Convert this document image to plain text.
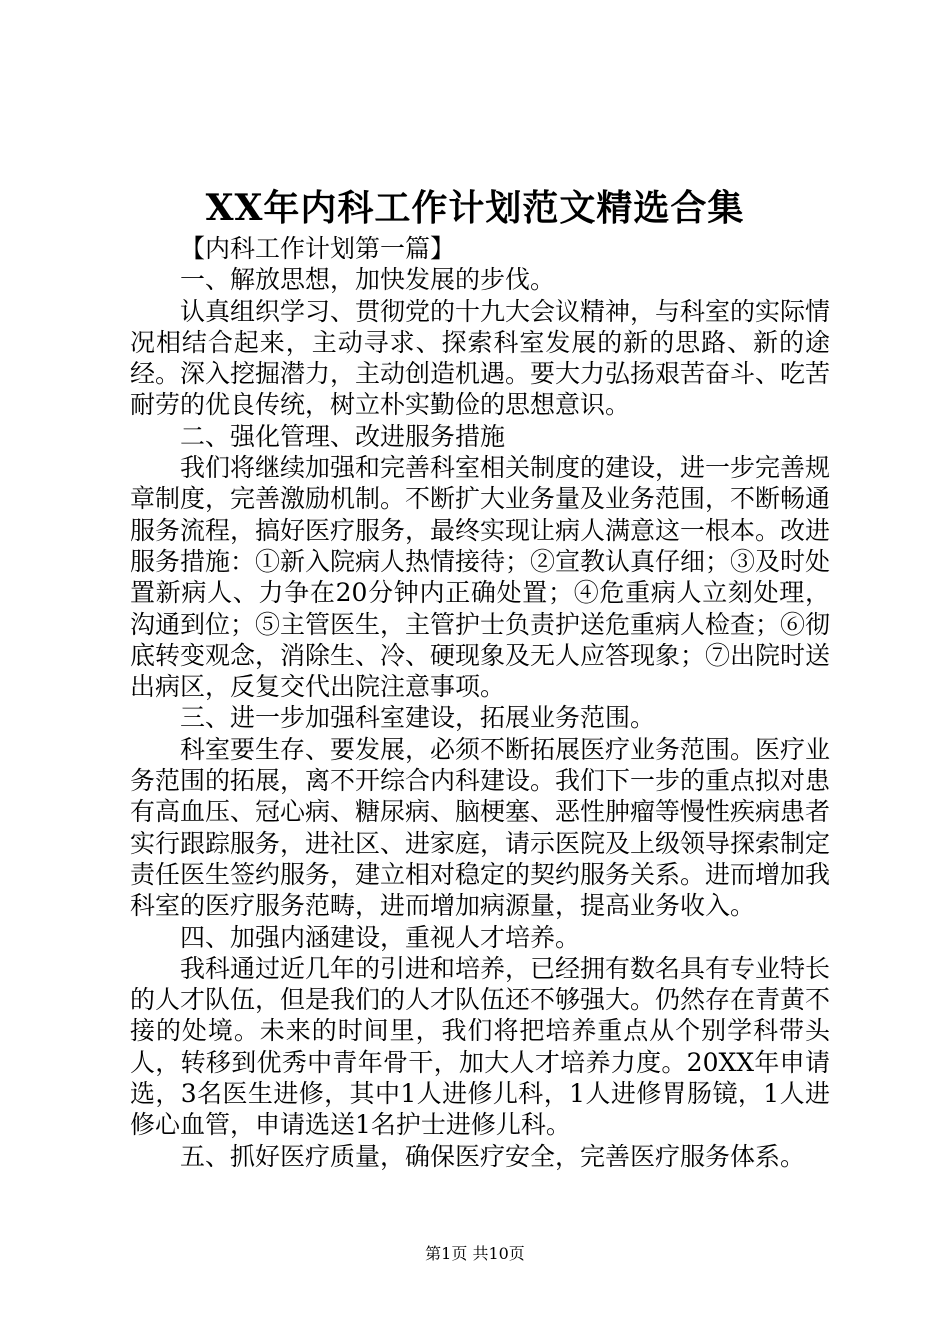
XX年内科工作计划范文精选合集

【内科工作计划第一篇】

一、解放思想，加快发展的步伐。

认真组织学习、贯彻党的十九大会议精神，与科室的实际情况相结合起来，主动寻求、探索科室发展的新的思路、新的途经。深入挖掘潜力，主动创造机遇。要大力弘扬艰苦奋斗、吃苦耐劳的优良传统，树立朴实勤俭的思想意识。

二、强化管理、改进服务措施

我们将继续加强和完善科室相关制度的建设，进一步完善规章制度，完善激励机制。不断扩大业务量及业务范围，不断畅通服务流程，搞好医疗服务，最终实现让病人满意这一根本。改进服务措施：①新入院病人热情接待；②宣教认真仔细；③及时处置新病人、力争在20分钟内正确处置；④危重病人立刻处理，沟通到位；⑤主管医生，主管护士负责护送危重病人检查；⑥彻底转变观念，消除生、冷、硬现象及无人应答现象；⑦出院时送出病区，反复交代出院注意事项。

三、进一步加强科室建设，拓展业务范围。

科室要生存、要发展，必须不断拓展医疗业务范围。医疗业务范围的拓展，离不开综合内科建设。我们下一步的重点拟对患有高血压、冠心病、糖尿病、脑梗塞、恶性肿瘤等慢性疾病患者实行跟踪服务，进社区、进家庭，请示医院及上级领导探索制定责任医生签约服务，建立相对稳定的契约服务关系。进而增加我科室的医疗服务范畴，进而增加病源量，提高业务收入。

四、加强内涵建设，重视人才培养。

我科通过近几年的引进和培养，已经拥有数名具有专业特长的人才队伍，但是我们的人才队伍还不够强大。仍然存在青黄不接的处境。未来的时间里，我们将把培养重点从个别学科带头人，转移到优秀中青年骨干，加大人才培养力度。20XX年申请选，3名医生进修，其中1人进修儿科，1人进修胃肠镜，1人进修心血管，申请选送1名护士进修儿科。

五、抓好医疗质量，确保医疗安全，完善医疗服务体系。

第1页 共10页
